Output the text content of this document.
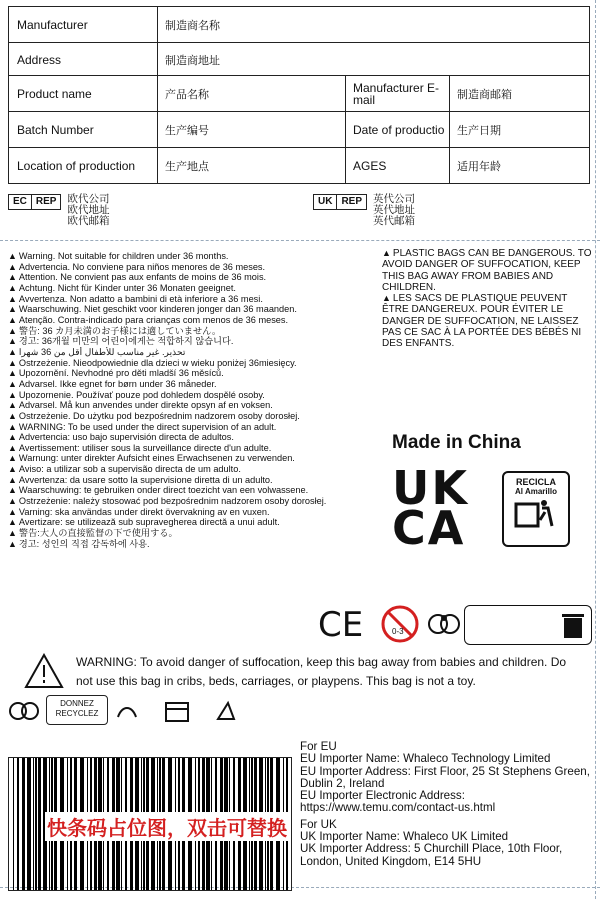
Manufacturer	制造商名称
Address	制造商地址
Product name	产品名称	Manufacturer E-mail	制造商邮箱
Batch Number	生产编号	Date of productio	生产日期
Location of production	生产地点	AGES	适用年龄
EC REP	欧代公司
欧代地址
欧代邮箱
UK REP	英代公司
英代地址
英代邮箱
▲ Warning. Not suitable for children under 36 months.
▲ Advertencia. No conviene para niños menores de 36 meses.
▲ Attention. Ne convient pas aux enfants de moins de 36 mois.
▲ Achtung. Nicht für Kinder unter 36 Monaten geeignet.
▲ Avvertenza. Non adatto a bambini di età inferiore a 36 mesi.
▲ Waarschuwing. Niet geschikt voor kinderen jonger dan 36 maanden.
▲ Atenção. Contra-indicado para crianças com menos de 36 meses.
▲ 警告: 36 カ月未満のお子様には適していません。
▲ 경고: 36개월 미만의 어린이에게는 적합하지 않습니다.
▲ تحذير. غير مناسب للأطفال أقل من 36 شهرا
▲ Ostrzeżenie. Nieodpowiednie dla dzieci w wieku poniżej 36miesięcy.
▲ Upozornění. Nevhodné pro děti mladší 36 měsíců.
▲ Advarsel. Ikke egnet for børn under 36 måneder.
▲ Upozornenie. Používať pouze pod dohledem dospělé osoby.
▲ Advarsel. Må kun anvendes under direkte opsyn af en voksen.
▲ Ostrzeżenie. Do użytku pod bezpośrednim nadzorem osoby dorosłej.
▲ WARNING: To be used under the direct supervision of an adult.
▲ Advertencia: uso bajo supervisión directa de adultos.
▲ Avertissement: utiliser sous la surveillance directe d'un adulte.
▲ Warnung: unter direkter Aufsicht eines Erwachsenen zu verwenden.
▲ Aviso: a utilizar sob a supervisão directa de um adulto.
▲ Avvertenza: da usare sotto la supervisione diretta di un adulto.
▲ Waarschuwing: te gebruiken onder direct toezicht van een volwassene.
▲ Ostrzeżenie: należy stosować pod bezpośrednim nadzorem osoby dorosłej.
▲ Varning: ska användas under direkt övervakning av en vuxen.
▲ Avertizare: se utilizează sub supravegherea directă a unui adult.
▲ 警告:大人の直接監督の下で使用する。
▲ 경고: 성인의 직접 감독하에 사용.
▲ PLASTIC BAGS CAN BE DANGEROUS. TO AVOID DANGER OF SUFFOCATION, KEEP THIS BAG AWAY FROM BABIES AND CHILDREN.
▲ LES SACS DE PLASTIQUE PEUVENT ÊTRE DANGEREUX. POUR ÉVITER LE DANGER DE SUFFOCATION, NE LAISSEZ PAS CE SAC À LA PORTÉE DES BÉBÉS NI DES ENFANTS.
Made in China
UK
CA
RECICLA
Al Amarillo
CE	0-3
WARNING: To avoid danger of suffocation, keep this bag away from babies and children. Do not use this bag in cribs, beds, carriages, or playpens. This bag is not a toy.
DONNEZ
RECYCLEZ
快条码占位图，双击可替换
For EU
EU Importer Name: Whaleco Technology Limited
EU Importer Address: First Floor, 25 St Stephens Green, Dublin 2, Ireland
EU Importer Electronic Address:
https://www.temu.com/contact-us.html
For UK
UK Importer Name: Whaleco UK Limited
UK Importer Address: 5 Churchill Place, 10th Floor, London, United Kingdom, E14 5HU
